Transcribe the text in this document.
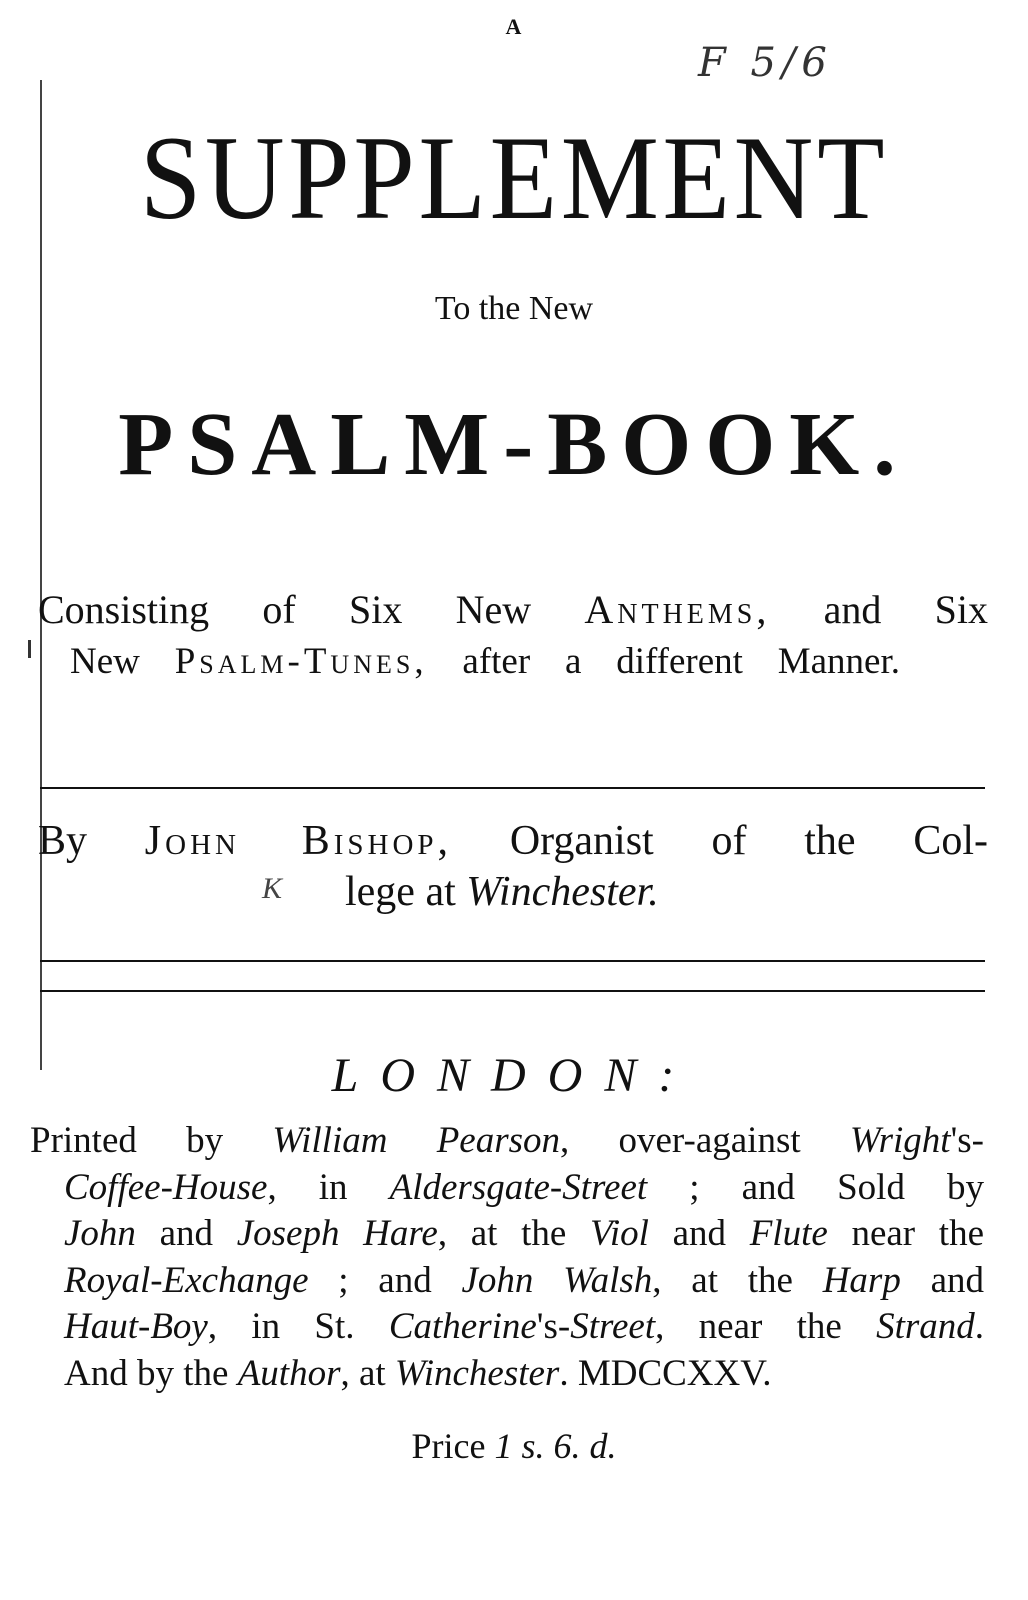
A
F 5/6
SUPPLEMENT
To the New
PSALM-BOOK.
Consisting of Six New Anthems, and Six
New Psalm-Tunes, after a different Manner.
By John Bishop, Organist of the Col-
K lege at Winchester.
LONDON:
Printed by William Pearson, over-against Wright's-
Coffee-House, in Aldersgate-Street ; and Sold by
John and Joseph Hare, at the Viol and Flute near the
Royal-Exchange ; and John Walsh, at the Harp and
Haut-Boy, in St. Catherine's-Street, near the Strand.
And by the Author, at Winchester. MDCCXXV.
Price 1 s. 6. d.
